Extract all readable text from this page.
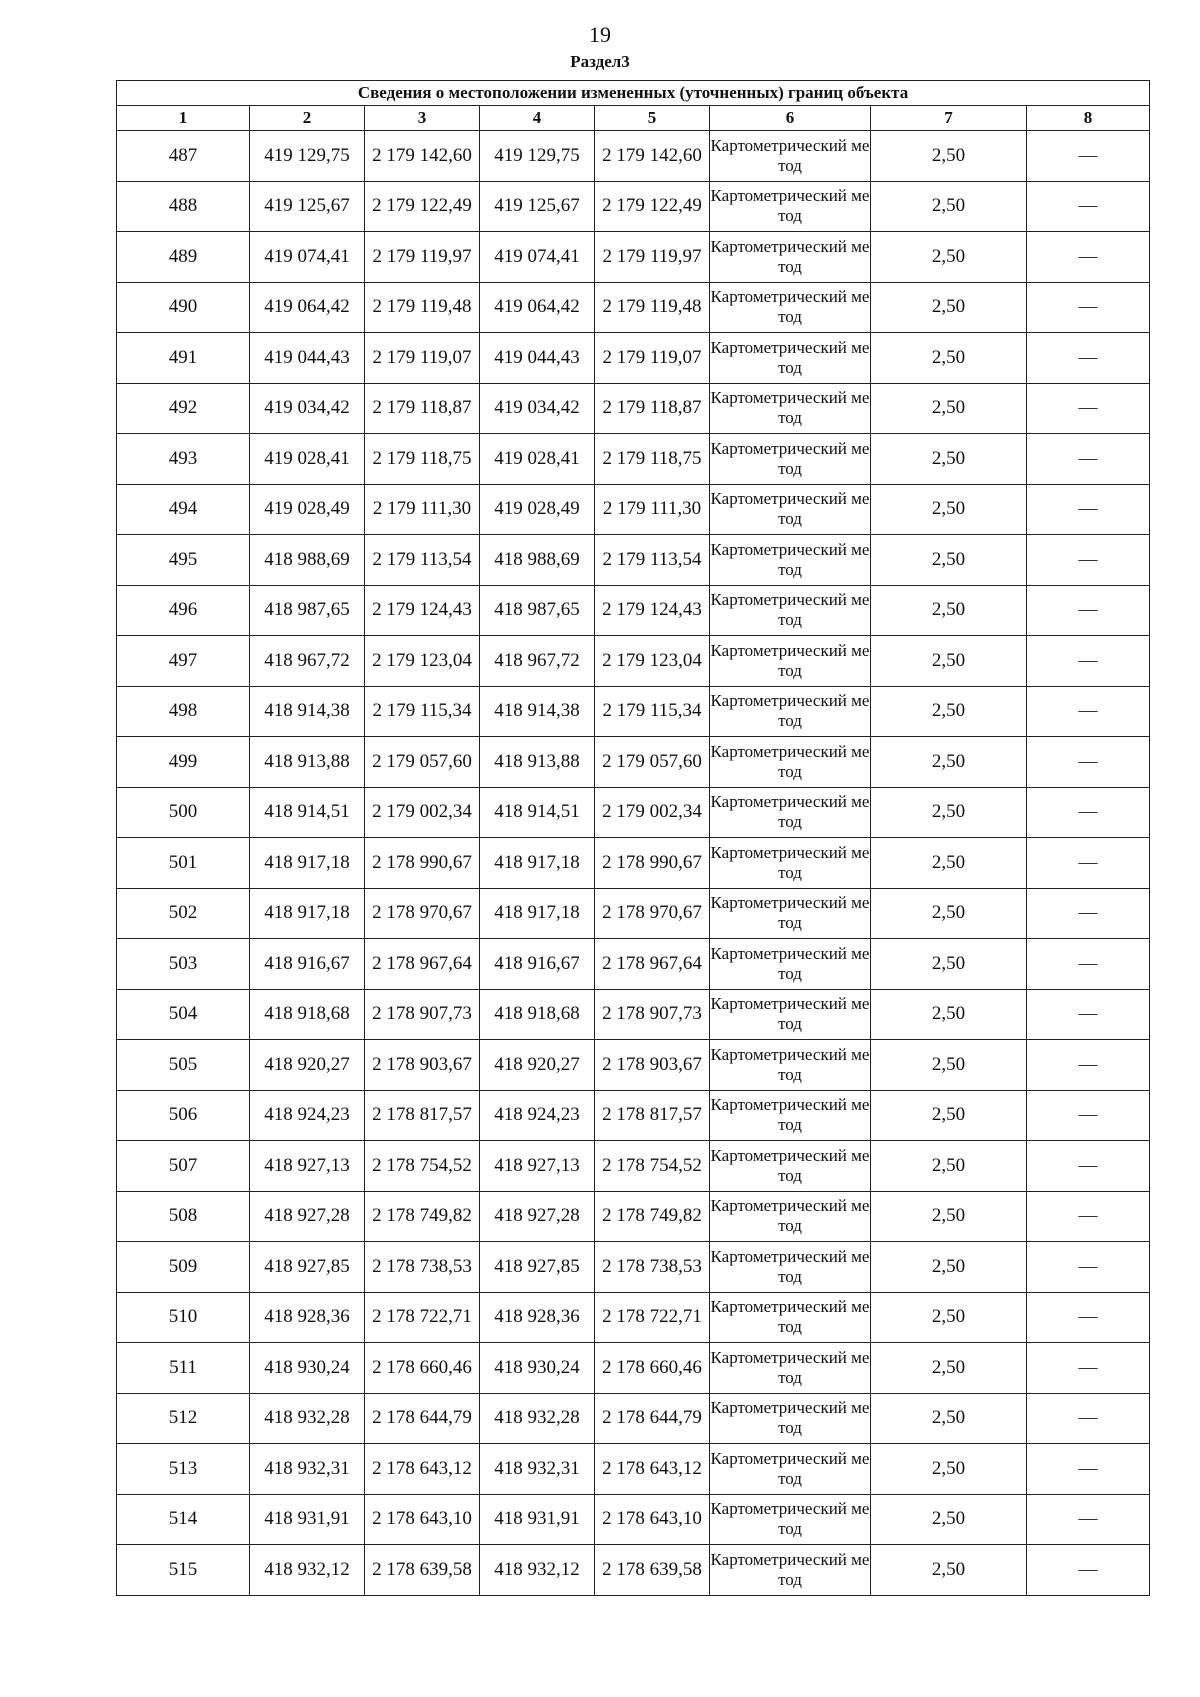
19
Раздел3
Сведения о местоположении измененных (уточненных) границ объекта							
1	2	3	4	5	6	7	8
487	419 129,75	2 179 142,60	419 129,75	2 179 142,60	Картометрический метод	2,50	—
488	419 125,67	2 179 122,49	419 125,67	2 179 122,49	Картометрический метод	2,50	—
489	419 074,41	2 179 119,97	419 074,41	2 179 119,97	Картометрический метод	2,50	—
490	419 064,42	2 179 119,48	419 064,42	2 179 119,48	Картометрический метод	2,50	—
491	419 044,43	2 179 119,07	419 044,43	2 179 119,07	Картометрический метод	2,50	—
492	419 034,42	2 179 118,87	419 034,42	2 179 118,87	Картометрический метод	2,50	—
493	419 028,41	2 179 118,75	419 028,41	2 179 118,75	Картометрический метод	2,50	—
494	419 028,49	2 179 111,30	419 028,49	2 179 111,30	Картометрический метод	2,50	—
495	418 988,69	2 179 113,54	418 988,69	2 179 113,54	Картометрический метод	2,50	—
496	418 987,65	2 179 124,43	418 987,65	2 179 124,43	Картометрический метод	2,50	—
497	418 967,72	2 179 123,04	418 967,72	2 179 123,04	Картометрический метод	2,50	—
498	418 914,38	2 179 115,34	418 914,38	2 179 115,34	Картометрический метод	2,50	—
499	418 913,88	2 179 057,60	418 913,88	2 179 057,60	Картометрический метод	2,50	—
500	418 914,51	2 179 002,34	418 914,51	2 179 002,34	Картометрический метод	2,50	—
501	418 917,18	2 178 990,67	418 917,18	2 178 990,67	Картометрический метод	2,50	—
502	418 917,18	2 178 970,67	418 917,18	2 178 970,67	Картометрический метод	2,50	—
503	418 916,67	2 178 967,64	418 916,67	2 178 967,64	Картометрический метод	2,50	—
504	418 918,68	2 178 907,73	418 918,68	2 178 907,73	Картометрический метод	2,50	—
505	418 920,27	2 178 903,67	418 920,27	2 178 903,67	Картометрический метод	2,50	—
506	418 924,23	2 178 817,57	418 924,23	2 178 817,57	Картометрический метод	2,50	—
507	418 927,13	2 178 754,52	418 927,13	2 178 754,52	Картометрический метод	2,50	—
508	418 927,28	2 178 749,82	418 927,28	2 178 749,82	Картометрический метод	2,50	—
509	418 927,85	2 178 738,53	418 927,85	2 178 738,53	Картометрический метод	2,50	—
510	418 928,36	2 178 722,71	418 928,36	2 178 722,71	Картометрический метод	2,50	—
511	418 930,24	2 178 660,46	418 930,24	2 178 660,46	Картометрический метод	2,50	—
512	418 932,28	2 178 644,79	418 932,28	2 178 644,79	Картометрический метод	2,50	—
513	418 932,31	2 178 643,12	418 932,31	2 178 643,12	Картометрический метод	2,50	—
514	418 931,91	2 178 643,10	418 931,91	2 178 643,10	Картометрический метод	2,50	—
515	418 932,12	2 178 639,58	418 932,12	2 178 639,58	Картометрический метод	2,50	—
